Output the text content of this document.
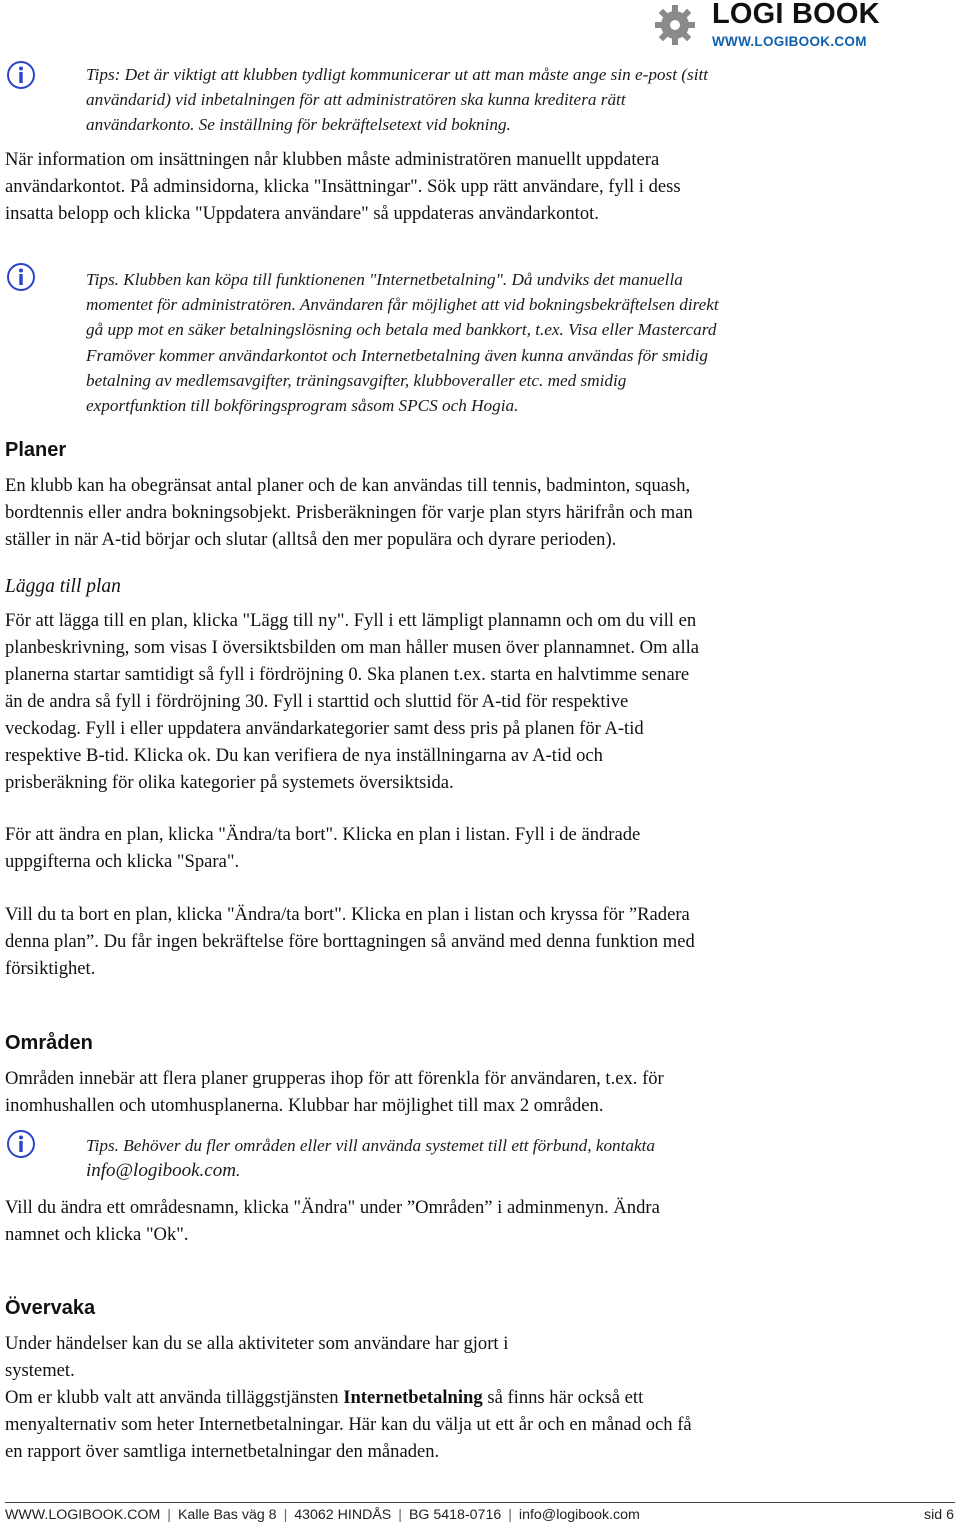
LOGI BOOK
WWW.LOGIBOOK.COM
Tips: Det är viktigt att klubben tydligt kommunicerar ut att man måste ange sin e-post (sitt
användarid) vid inbetalningen för att administratören ska kunna kreditera rätt
användarkonto. Se inställning för bekräftelsetext vid bokning.
När information om insättningen når klubben måste administratören manuellt uppdatera
användarkontot. På adminsidorna, klicka "Insättningar". Sök upp rätt användare, fyll i dess
insatta belopp och klicka "Uppdatera användare" så uppdateras användarkontot.
Tips. Klubben kan köpa till funktionenen "Internetbetalning". Då undviks det manuella
momentet för administratören. Användaren får möjlighet att vid bokningsbekräftelsen direkt
gå upp mot en säker betalningslösning och betala med bankkort, t.ex. Visa eller Mastercard
Framöver kommer användarkontot och Internetbetalning även kunna användas för smidig
betalning av medlemsavgifter, träningsavgifter, klubboveraller etc. med smidig
exportfunktion till bokföringsprogram såsom SPCS och Hogia.
Planer
En klubb kan ha obegränsat antal planer och de kan användas till tennis, badminton, squash,
bordtennis eller andra bokningsobjekt. Prisberäkningen för varje plan styrs härifrån och man
ställer in när A-tid börjar och slutar (alltså den mer populära och dyrare perioden).
Lägga till plan
För att lägga till en plan, klicka "Lägg till ny". Fyll i ett lämpligt plannamn och om du vill en
planbeskrivning, som visas I översiktsbilden om man håller musen över plannamnet. Om alla
planerna startar samtidigt så fyll i fördröjning 0. Ska planen t.ex. starta en halvtimme senare
än de andra så fyll i fördröjning 30. Fyll i starttid och sluttid för A-tid för respektive
veckodag. Fyll i eller uppdatera användarkategorier samt dess pris på planen för A-tid
respektive B-tid. Klicka ok. Du kan verifiera de nya inställningarna av A-tid och
prisberäkning för olika kategorier på systemets översiktsida.
För att ändra en plan, klicka "Ändra/ta bort". Klicka en plan i listan. Fyll i de ändrade
uppgifterna och klicka "Spara".
Vill du ta bort en plan, klicka "Ändra/ta bort". Klicka en plan i listan och kryssa för ”Radera
denna plan”. Du får ingen bekräftelse före borttagningen så använd med denna funktion med
försiktighet.
Områden
Områden innebär att flera planer grupperas ihop för att förenkla för användaren, t.ex. för
inomhushallen och utomhusplanerna. Klubbar har möjlighet till max 2 områden.
Tips. Behöver du fler områden eller vill använda systemet till ett förbund, kontakta
info@logibook.com.
Vill du ändra ett områdesnamn, klicka "Ändra" under ”Områden” i adminmenyn. Ändra
namnet och klicka "Ok".
Övervaka
Under händelser kan du se alla aktiviteter som användare har gjort i
systemet.
Om er klubb valt att använda tilläggstjänsten Internetbetalning så finns här också ett
menyalternativ som heter Internetbetalningar. Här kan du välja ut ett år och en månad och få
en rapport över samtliga internetbetalningar den månaden.
WWW.LOGIBOOK.COM | Kalle Bas väg 8 | 43062 HINDÅS | BG 5418-0716 | info@logibook.com	sid 6
